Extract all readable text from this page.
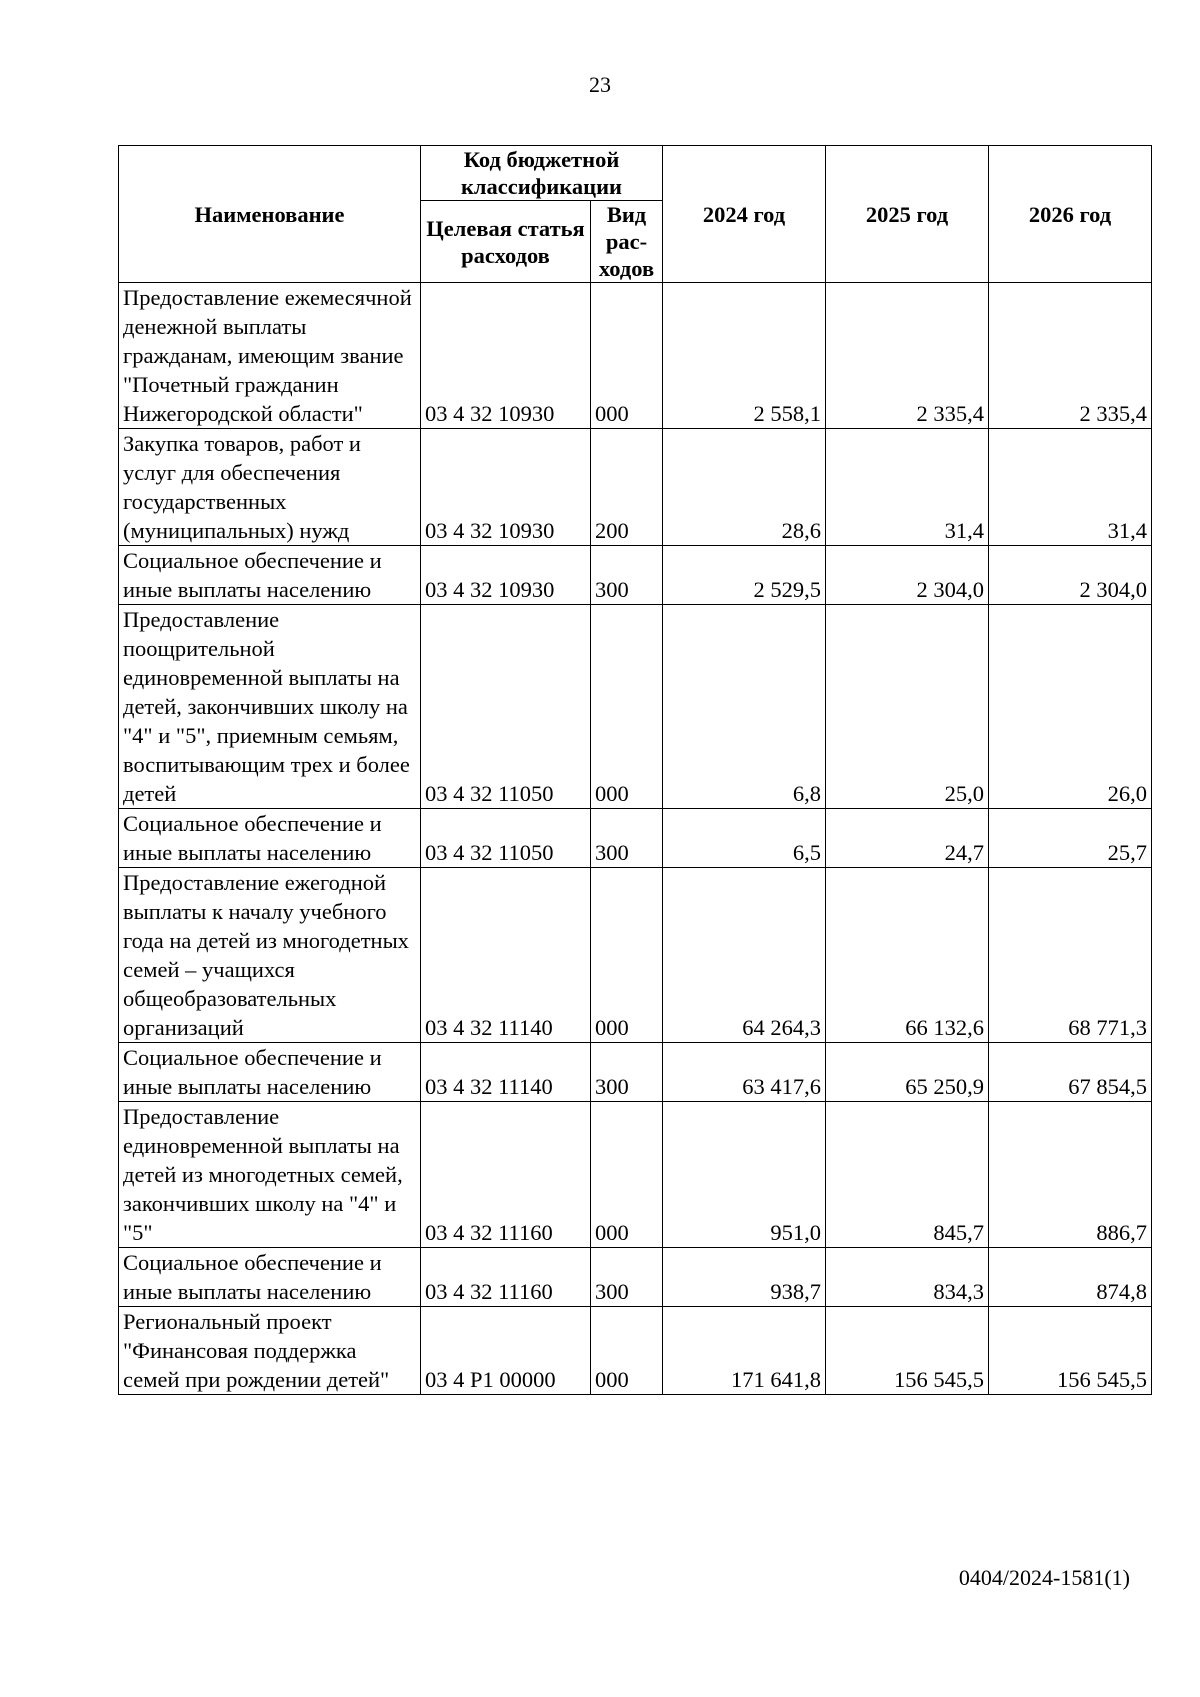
23
Наименование	Код бюджетной классификации		2024 год	2025 год	2026 год
	Целевая статья расходов	Вид рас-ходов			
Предоставление ежемесячной денежной выплаты гражданам, имеющим звание "Почетный гражданин Нижегородской области"	03 4 32 10930	000	2 558,1	2 335,4	2 335,4
Закупка товаров, работ и услуг для обеспечения государственных (муниципальных) нужд	03 4 32 10930	200	28,6	31,4	31,4
Социальное обеспечение и иные выплаты населению	03 4 32 10930	300	2 529,5	2 304,0	2 304,0
Предоставление поощрительной единовременной выплаты на детей, закончивших школу на "4" и "5", приемным семьям, воспитывающим трех и более детей	03 4 32 11050	000	6,8	25,0	26,0
Социальное обеспечение и иные выплаты населению	03 4 32 11050	300	6,5	24,7	25,7
Предоставление ежегодной выплаты к началу учебного года на детей из многодетных семей – учащихся общеобразовательных организаций	03 4 32 11140	000	64 264,3	66 132,6	68 771,3
Социальное обеспечение и иные выплаты населению	03 4 32 11140	300	63 417,6	65 250,9	67 854,5
Предоставление единовременной выплаты на детей из многодетных семей, закончивших школу на "4" и "5"	03 4 32 11160	000	951,0	845,7	886,7
Социальное обеспечение и иные выплаты населению	03 4 32 11160	300	938,7	834,3	874,8
Региональный проект "Финансовая поддержка семей при рождении детей"	03 4 Р1 00000	000	171 641,8	156 545,5	156 545,5
0404/2024-1581(1)
